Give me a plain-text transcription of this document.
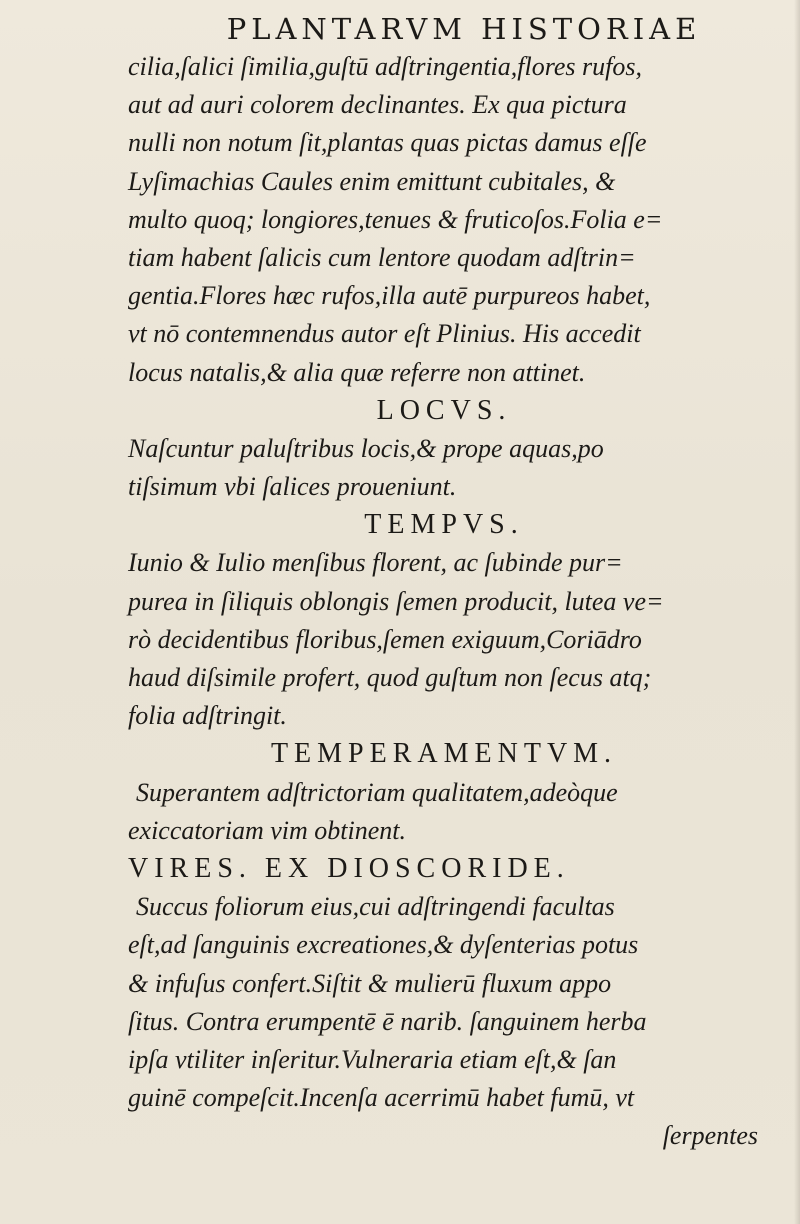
PLANTARVM HISTORIAE
cilia,ſalici ſimilia,guſtū adſtringentia,flores rufos,
aut ad auri colorem declinantes. Ex qua pictura
nulli non notum ſit,plantas quas pictas damus eſſe
Lyſimachias Caules enim emittunt cubitales, &
multo quoq; longiores,tenues & fruticoſos.Folia e=
tiam habent ſalicis cum lentore quodam adſtrin=
gentia.Flores hæc rufos,illa autē purpureos habet,
vt nō contemnendus autor eſt Plinius. His accedit
locus natalis,& alia quæ referre non attinet.
LOCVS.
Naſcuntur paluſtribus locis,& prope aquas,po
tiſsimum vbi ſalices proueniunt.
TEMPVS.
Iunio & Iulio menſibus florent, ac ſubinde pur=
purea in ſiliquis oblongis ſemen producit, lutea ve=
rò decidentibus floribus,ſemen exiguum,Coriādro
haud diſsimile profert, quod guſtum non ſecus atq;
folia adſtringit.
TEMPERAMENTVM.
Superantem adſtrictoriam qualitatem,adeòque
exiccatoriam vim obtinent.
VIRES. EX DIOSCORIDE.
Succus foliorum eius,cui adſtringendi facultas
eſt,ad ſanguinis excreationes,& dyſenterias potus
& infuſus confert.Siſtit & mulierū fluxum appo
ſitus. Contra erumpentē ē narib. ſanguinem herba
ipſa vtiliter inſeritur.Vulneraria etiam eſt,& ſan
guinē compeſcit.Incenſa acerrimū habet fumū, vt
ſerpentes
